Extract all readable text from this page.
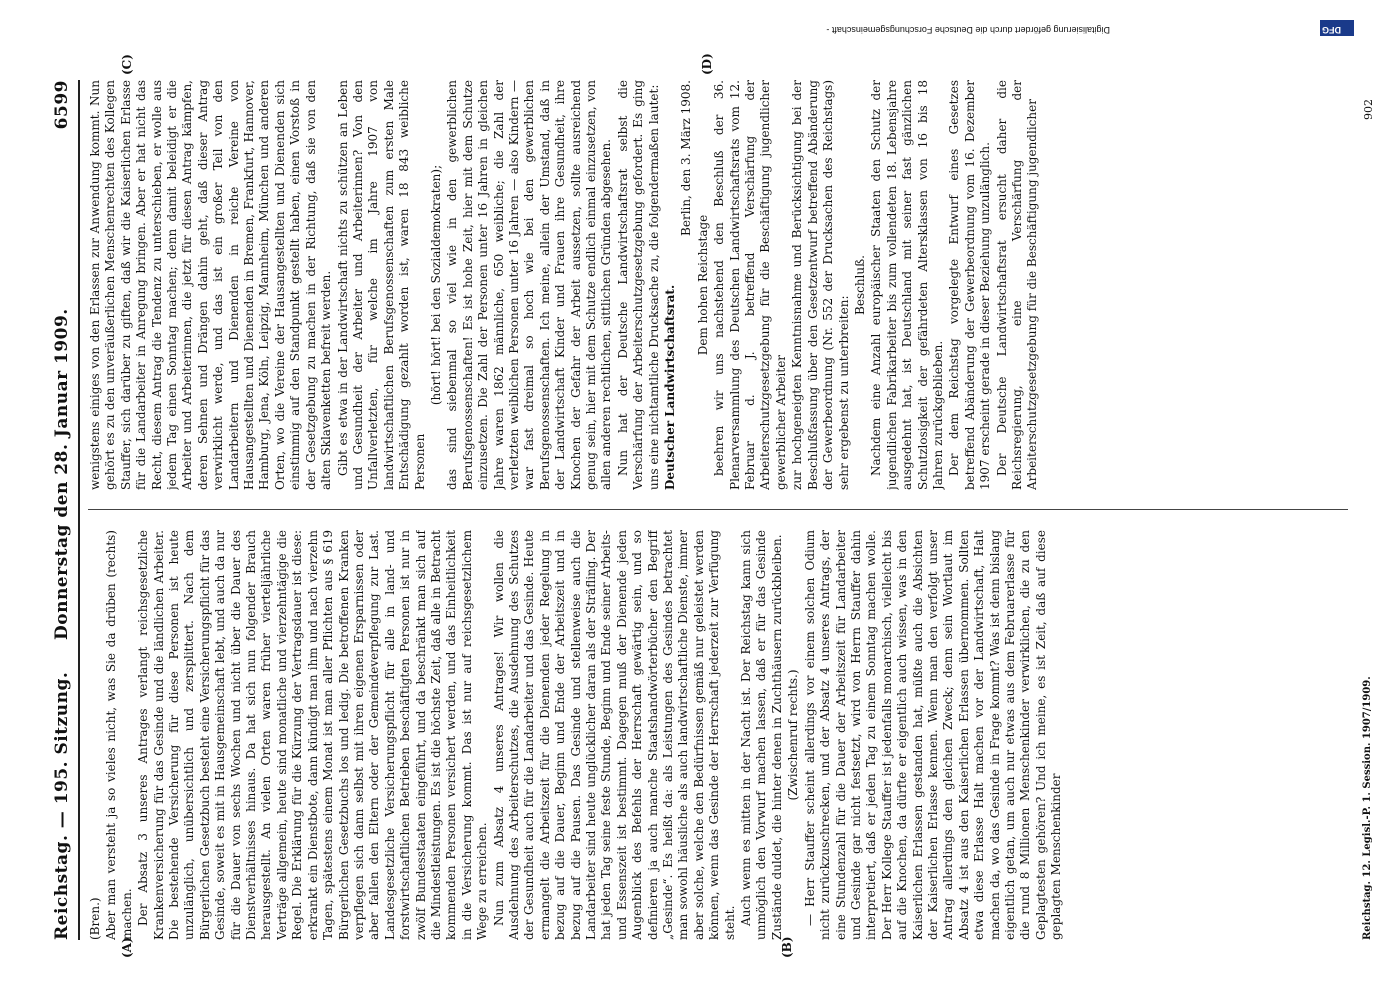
Reichstag. — 195. Sitzung.
Donnerstag den 28. Januar 1909.
6599
(A)	(B)
(C)	(D)

(Bren.) Aber man versteht ja so vieles nicht, was Sie da drüben (rechts) machen. Der Absatz 3 unseres Antrages verlangt reichsgesetzliche Krankenversicherung für das Gesinde und die ländlichen Arbeiter. Die bestehende Versicherung für diese Personen ist heute unzulänglich, unübersichtlich und zersplittert. Nach dem Bürgerlichen Gesetzbuch besteht eine Versicherungspflicht für das Gesinde, soweit es mit in Hausgemeinschaft lebt, und auch da nur für die Dauer von sechs Wochen und nicht über die Dauer des Dienstverhältnisses hinaus. Da hat sich nun folgender Brauch herausgestellt. An vielen Orten waren früher vierteljährliche Verträge allgemein, heute sind monatliche und vierzehntägige die Regel. Die Erklärung für die Kürzung der Vertragsdauer ist diese: erkrankt ein Dienstbote, dann kündigt man ihm und nach vierzehn Tagen, spätestens einem Monat ist man aller Pflichten aus § 619 Bürgerlichen Gesetzbuchs los und ledig. Die betroffenen Kranken verpflegen sich dann selbst mit ihren eigenen Ersparnissen oder aber fallen den Eltern oder der Gemeindeverpflegung zur Last. Landesgesetzliche Versicherungspflicht für alle in land- und forstwirtschaftlichen Betrieben beschäftigten Personen ist nur in zwölf Bundesstaaten eingeführt, und da beschränkt man sich auf die Mindestleistungen. Es ist die höchste Zeit, daß alle in Betracht kommenden Personen versichert werden, und das Einheitlichkeit in die Versicherung kommt. Das ist nur auf reichsgesetzlichem Wege zu erreichen. Nun zum Absatz 4 unseres Antrages! Wir wollen die Ausdehnung des Arbeiterschutzes, die Ausdehnung des Schutzes der Gesundheit auch für die Landarbeiter und das Gesinde. Heute ermangelt die Arbeitszeit für die Dienenden jeder Regelung in bezug auf die Dauer, Beginn und Ende der Arbeitszeit und in bezug auf die Pausen. Das Gesinde und stellenweise auch die Landarbeiter sind heute unglücklicher daran als der Sträfling. Der hat jeden Tag seine feste Stunde, Beginn und Ende seiner Arbeits- und Essenszeit ist bestimmt. Dagegen muß der Dienende jeden Augenblick des Befehls der Herrschaft gewärtig sein, und so definieren ja auch manche Staatshandwörterbücher den Begriff „Gesinde“. Es heißt da: als Leistungen des Gesindes betrachtet man sowohl häusliche als auch landwirtschaftliche Dienste, immer aber solche, welche den Bedürfnissen gemäß nur geleistet werden können, wenn das Gesinde der Herrschaft jederzeit zur Verfügung steht. Auch wenn es mitten in der Nacht ist. Der Reichstag kann sich unmöglich den Vorwurf machen lassen, daß er für das Gesinde Zustände duldet, die hinter denen in Zuchthäusern zurückbleiben. (Zwischenruf rechts.) — Herr Stauffer scheint allerdings vor einem solchen Odium nicht zurückzuschrecken, und der Absatz 4 unseres Antrags, der eine Stundenzahl für die Dauer der Arbeitszeit für Landarbeiter und Gesinde gar nicht festsetzt, wird von Herrn Stauffer dahin interpretiert, daß er jeden Tag zu einem Sonntag machen wolle. Der Herr Kollege Stauffer ist jedenfalls monarchisch, vielleicht bis auf die Knochen, da dürfte er eigentlich auch wissen, was in den Kaiserlichen Erlassen gestanden hat, müßte auch die Absichten der Kaiserlichen Erlasse kennen. Wenn man den verfolgt unser Antrag allerdings den gleichen Zweck; denn sein Wortlaut im Absatz 4 ist aus den Kaiserlichen Erlassen übernommen. Sollten etwa diese Erlasse Halt machen vor der Landwirtschaft, Halt machen da, wo das Gesinde in Frage kommt? Was ist denn bislang eigentlich getan, um auch nur etwas aus dem Februarerlasse für die rund 8 Millionen Menschenkinder verwirklichen, die zu den Geplagtesten gehören? Und ich meine, es ist Zeit, daß auf diese geplagten Menschenkinder

wenigstens einiges von den Erlassen zur Anwendung kommt. Nun gehört es zu den unveräußerlichen Menschenrechten des Kollegen Stauffer, sich darüber zu giften, daß wir die Kaiserlichen Erlasse für die Landarbeiter in Anregung bringen. Aber er hat nicht das Recht, diesem Antrag die Tendenz zu unterschieben, er wolle aus jedem Tag einen Sonntag machen; denn damit beleidigt er die Arbeiter und Arbeiterinnen, die jetzt für diesen Antrag kämpfen, deren Sehnen und Drängen dahin geht, daß dieser Antrag verwirklicht werde, und das ist ein großer Teil von den Landarbeitern und Dienenden in reiche Vereine von Hausangestellten und Dienenden in Bremen, Frankfurt, Hannover, Hamburg, Jena, Köln, Leipzig, Mannheim, München und anderen Orten, wo die Vereine der Hausangestellten und Dienenden sich einstimmig auf den Standpunkt gestellt haben, einen Vorstoß in der Gesetzgebung zu machen in der Richtung, daß sie von den alten Sklavenketten befreit werden. Gibt es etwa in der Landwirtschaft nichts zu schützen an Leben und Gesundheit der Arbeiter und Arbeiterinnen? Von den Unfallverletzten, für welche im Jahre 1907 von landwirtschaftlichen Berufsgenossenschaften zum ersten Male Entschädigung gezahlt worden ist, waren 18 843 weibliche Personen

(hört! hört! bei den Sozialdemokraten); das sind siebenmal so viel wie in den gewerblichen Berufsgenossenschaften! Es ist hohe Zeit, hier mit dem Schutze einzusetzen. Die Zahl der Personen unter 16 Jahren in gleichen Jahre waren 1862 männliche, 650 weibliche; die Zahl der verletzten weiblichen Personen unter 16 Jahren — also Kindern — war fast dreimal so hoch wie bei den gewerblichen Berufsgenossenschaften. Ich meine, allein der Umstand, daß in der Landwirtschaft Kinder und Frauen ihre Gesundheit, ihre Knochen der Gefahr der Arbeit aussetzen, sollte ausreichend genug sein, hier mit dem Schutze endlich einmal einzusetzen, von allen anderen rechtlichen, sittlichen Gründen abgesehen. Nun hat der Deutsche Landwirtschaftsrat selbst die Verschärfung der Arbeiterschutzgesetzgebung gefordert. Es ging uns eine nichtamtliche Drucksache zu, die folgendermaßen lautet: Deutscher Landwirtschaftsrat.

Berlin, den 3. März 1908.

Dem hohen Reichstage beehren wir uns nachstehend den Beschluß der 36. Plenarversammlung des Deutschen Landwirtschaftsrats vom 12. Februar d. J. betreffend Verschärfung der Arbeiterschutzgesetzgebung für die Beschäftigung jugendlicher gewerblicher Arbeiter zur hochgeneigten Kenntnisnahme und Berücksichtigung bei der Beschlußfassung über den Gesetzentwurf betreffend Abänderung der Gewerbeordnung (Nr. 552 der Drucksachen des Reichstags) sehr ergebenst zu unterbreiten:

Beschluß. Nachdem eine Anzahl europäischer Staaten den Schutz der jugendlichen Fabrikarbeiter bis zum vollendeten 18. Lebensjahre ausgedehnt hat, ist Deutschland mit seiner fast gänzlichen Schutzlosigkeit der gefährdeten Altersklassen von 16 bis 18 Jahren zurückgeblieben. Der dem Reichstag vorgelegte Entwurf eines Gesetzes betreffend Abänderung der Gewerbeordnung vom 16. Dezember 1907 erscheint gerade in dieser Beziehung unzulänglich. Der Deutsche Landwirtschaftsrat ersucht daher die Reichsregierung, eine Verschärfung der Arbeiterschutzgesetzgebung für die Beschäftigung jugendlicher

Reichstag. 12. Legisl.-P. 1. Session. 1907/1909.
902
Digitalisierung gefördert durch die Deutsche Forschungsgemeinschaft -	DFG
